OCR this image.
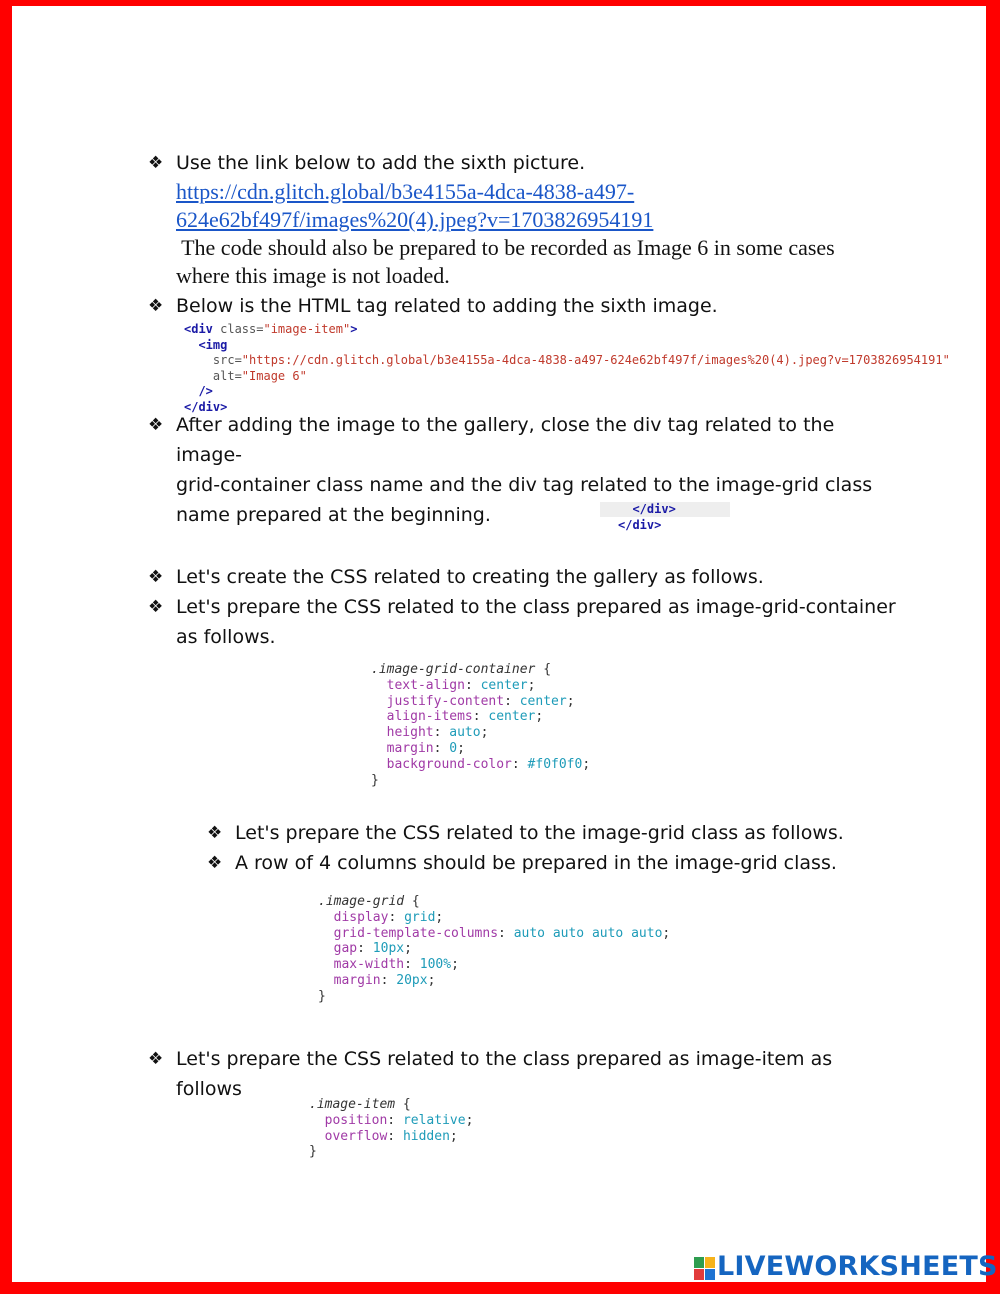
❖ Use the link below to add the sixth picture.
https://cdn.glitch.global/b3e4155a-4dca-4838-a497-
624e62bf497f/images%20(4).jpeg?v=1703826954191
The code should also be prepared to be recorded as Image 6 in some cases
where this image is not loaded.
❖ Below is the HTML tag related to adding the sixth image.
<div class="image-item">
<img
src="https://cdn.glitch.global/b3e4155a-4dca-4838-a497-624e62bf497f/images%20(4).jpeg?v=1703826954191"
alt="Image 6"
/>
</div>
❖ After adding the image to the gallery, close the div tag related to the image-
grid-container class name and the div tag related to the image-grid class
name prepared at the beginning.	</div>
</div>
❖ Let's create the CSS related to creating the gallery as follows.
❖ Let's prepare the CSS related to the class prepared as image-grid-container
as follows.
.image-grid-container {
text-align: center;
justify-content: center;
align-items: center;
height: auto;
margin: 0;
background-color: #f0f0f0;
}
❖ Let's prepare the CSS related to the image-grid class as follows.
❖ A row of 4 columns should be prepared in the image-grid class.
.image-grid {
display: grid;
grid-template-columns: auto auto auto auto;
gap: 10px;
max-width: 100%;
margin: 20px;
}
❖ Let's prepare the CSS related to the class prepared as image-item as follows
.image-item {
position: relative;
overflow: hidden;
}
LIVEWORKSHEETS
